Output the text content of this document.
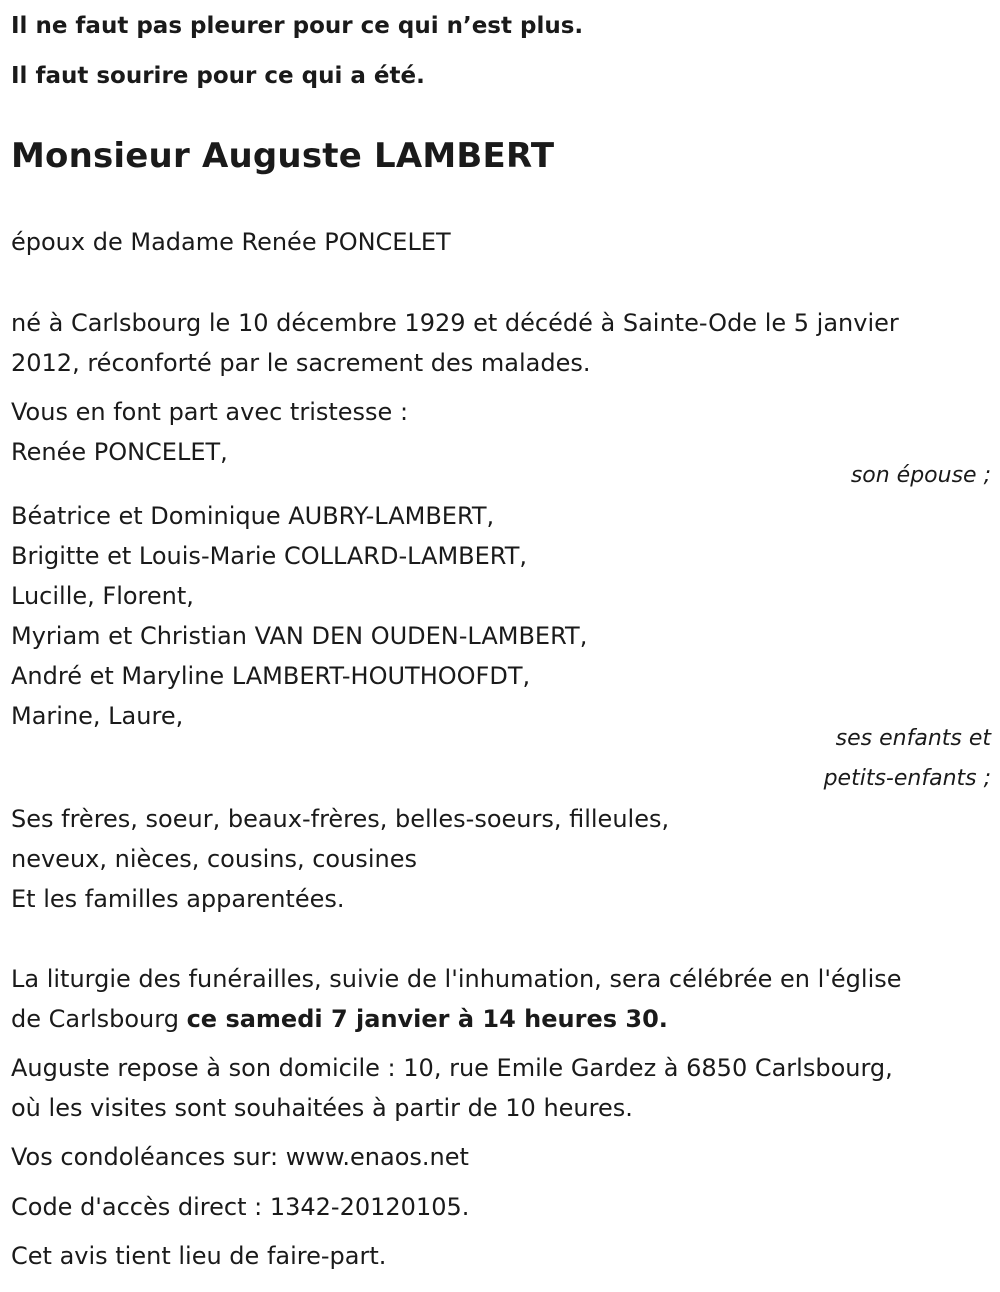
Il ne faut pas pleurer pour ce qui n’est plus.

Il faut sourire pour ce qui a été.

Monsieur Auguste LAMBERT

époux de Madame Renée PONCELET

né à Carlsbourg le 10 décembre 1929 et décédé à Sainte-Ode le 5 janvier

2012, réconforté par le sacrement des malades.

Vous en font part avec tristesse :

Renée PONCELET,

son épouse ;

Béatrice et Dominique AUBRY-LAMBERT,

Brigitte et Louis-Marie COLLARD-LAMBERT,

Lucille, Florent,

Myriam et Christian VAN DEN OUDEN-LAMBERT,

André et Maryline LAMBERT-HOUTHOOFDT,

Marine, Laure,

ses enfants et

petits-enfants ;

Ses frères, soeur, beaux-frères, belles-soeurs, filleules,

neveux, nièces, cousins, cousines

Et les familles apparentées.

La liturgie des funérailles, suivie de l'inhumation, sera célébrée en l'église

de Carlsbourg ce samedi 7 janvier à 14 heures 30.

Auguste repose à son domicile : 10, rue Emile Gardez à 6850 Carlsbourg,

où les visites sont souhaitées à partir de 10 heures.

Vos condoléances sur: www.enaos.net

Code d'accès direct : 1342-20120105.

Cet avis tient lieu de faire-part.
